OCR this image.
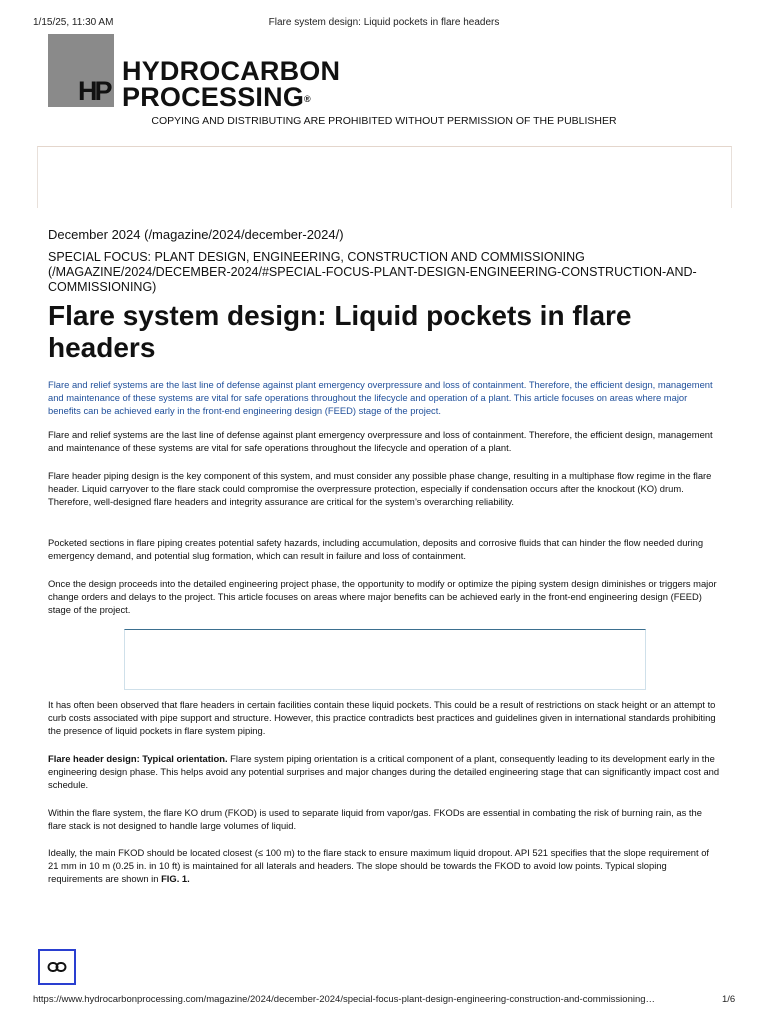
1/15/25, 11:30 AM	Flare system design: Liquid pockets in flare headers
HP
HYDROCARBON
PROCESSING®
COPYING AND DISTRIBUTING ARE PROHIBITED WITHOUT PERMISSION OF THE PUBLISHER
December 2024 (/magazine/2024/december-2024/)
SPECIAL FOCUS: PLANT DESIGN, ENGINEERING, CONSTRUCTION AND COMMISSIONING (/MAGAZINE/2024/DECEMBER-2024/#SPECIAL-FOCUS-PLANT-DESIGN-ENGINEERING-CONSTRUCTION-AND-COMMISSIONING)
Flare system design: Liquid pockets in flare headers
Flare and relief systems are the last line of defense against plant emergency overpressure and loss of containment. Therefore, the efficient design, management and maintenance of these systems are vital for safe operations throughout the lifecycle and operation of a plant. This article focuses on areas where major benefits can be achieved early in the front-end engineering design (FEED) stage of the project.

Flare and relief systems are the last line of defense against plant emergency overpressure and loss of containment. Therefore, the efficient design, management and maintenance of these systems are vital for safe operations throughout the lifecycle and operation of a plant.

Flare header piping design is the key component of this system, and must consider any possible phase change, resulting in a multiphase flow regime in the flare header. Liquid carryover to the flare stack could compromise the overpressure protection, especially if condensation occurs after the knockout (KO) drum. Therefore, well-designed flare headers and integrity assurance are critical for the system’s overarching reliability.

Pocketed sections in flare piping creates potential safety hazards, including accumulation, deposits and corrosive fluids that can hinder the flow needed during emergency demand, and potential slug formation, which can result in failure and loss of containment.

Once the design proceeds into the detailed engineering project phase, the opportunity to modify or optimize the piping system design diminishes or triggers major change orders and delays to the project. This article focuses on areas where major benefits can be achieved early in the front-end engineering design (FEED) stage of the project.

It has often been observed that flare headers in certain facilities contain these liquid pockets. This could be a result of restrictions on stack height or an attempt to curb costs associated with pipe support and structure. However, this practice contradicts best practices and guidelines given in international standards prohibiting the presence of liquid pockets in flare system piping.

Flare header design: Typical orientation. Flare system piping orientation is a critical component of a plant, consequently leading to its development early in the engineering design phase. This helps avoid any potential surprises and major changes during the detailed engineering stage that can significantly impact cost and schedule.

Within the flare system, the flare KO drum (FKOD) is used to separate liquid from vapor/gas. FKODs are essential in combating the risk of burning rain, as the flare stack is not designed to handle large volumes of liquid.

Ideally, the main FKOD should be located closest (≤ 100 m) to the flare stack to ensure maximum liquid dropout. API 521 specifies that the slope requirement of 21 mm in 10 m (0.25 in. in 10 ft) is maintained for all laterals and headers. The slope should be towards the FKOD to avoid low points. Typical sloping requirements are shown in FIG. 1.

https://www.hydrocarbonprocessing.com/magazine/2024/december-2024/special-focus-plant-design-engineering-construction-and-commissioning…	1/6
